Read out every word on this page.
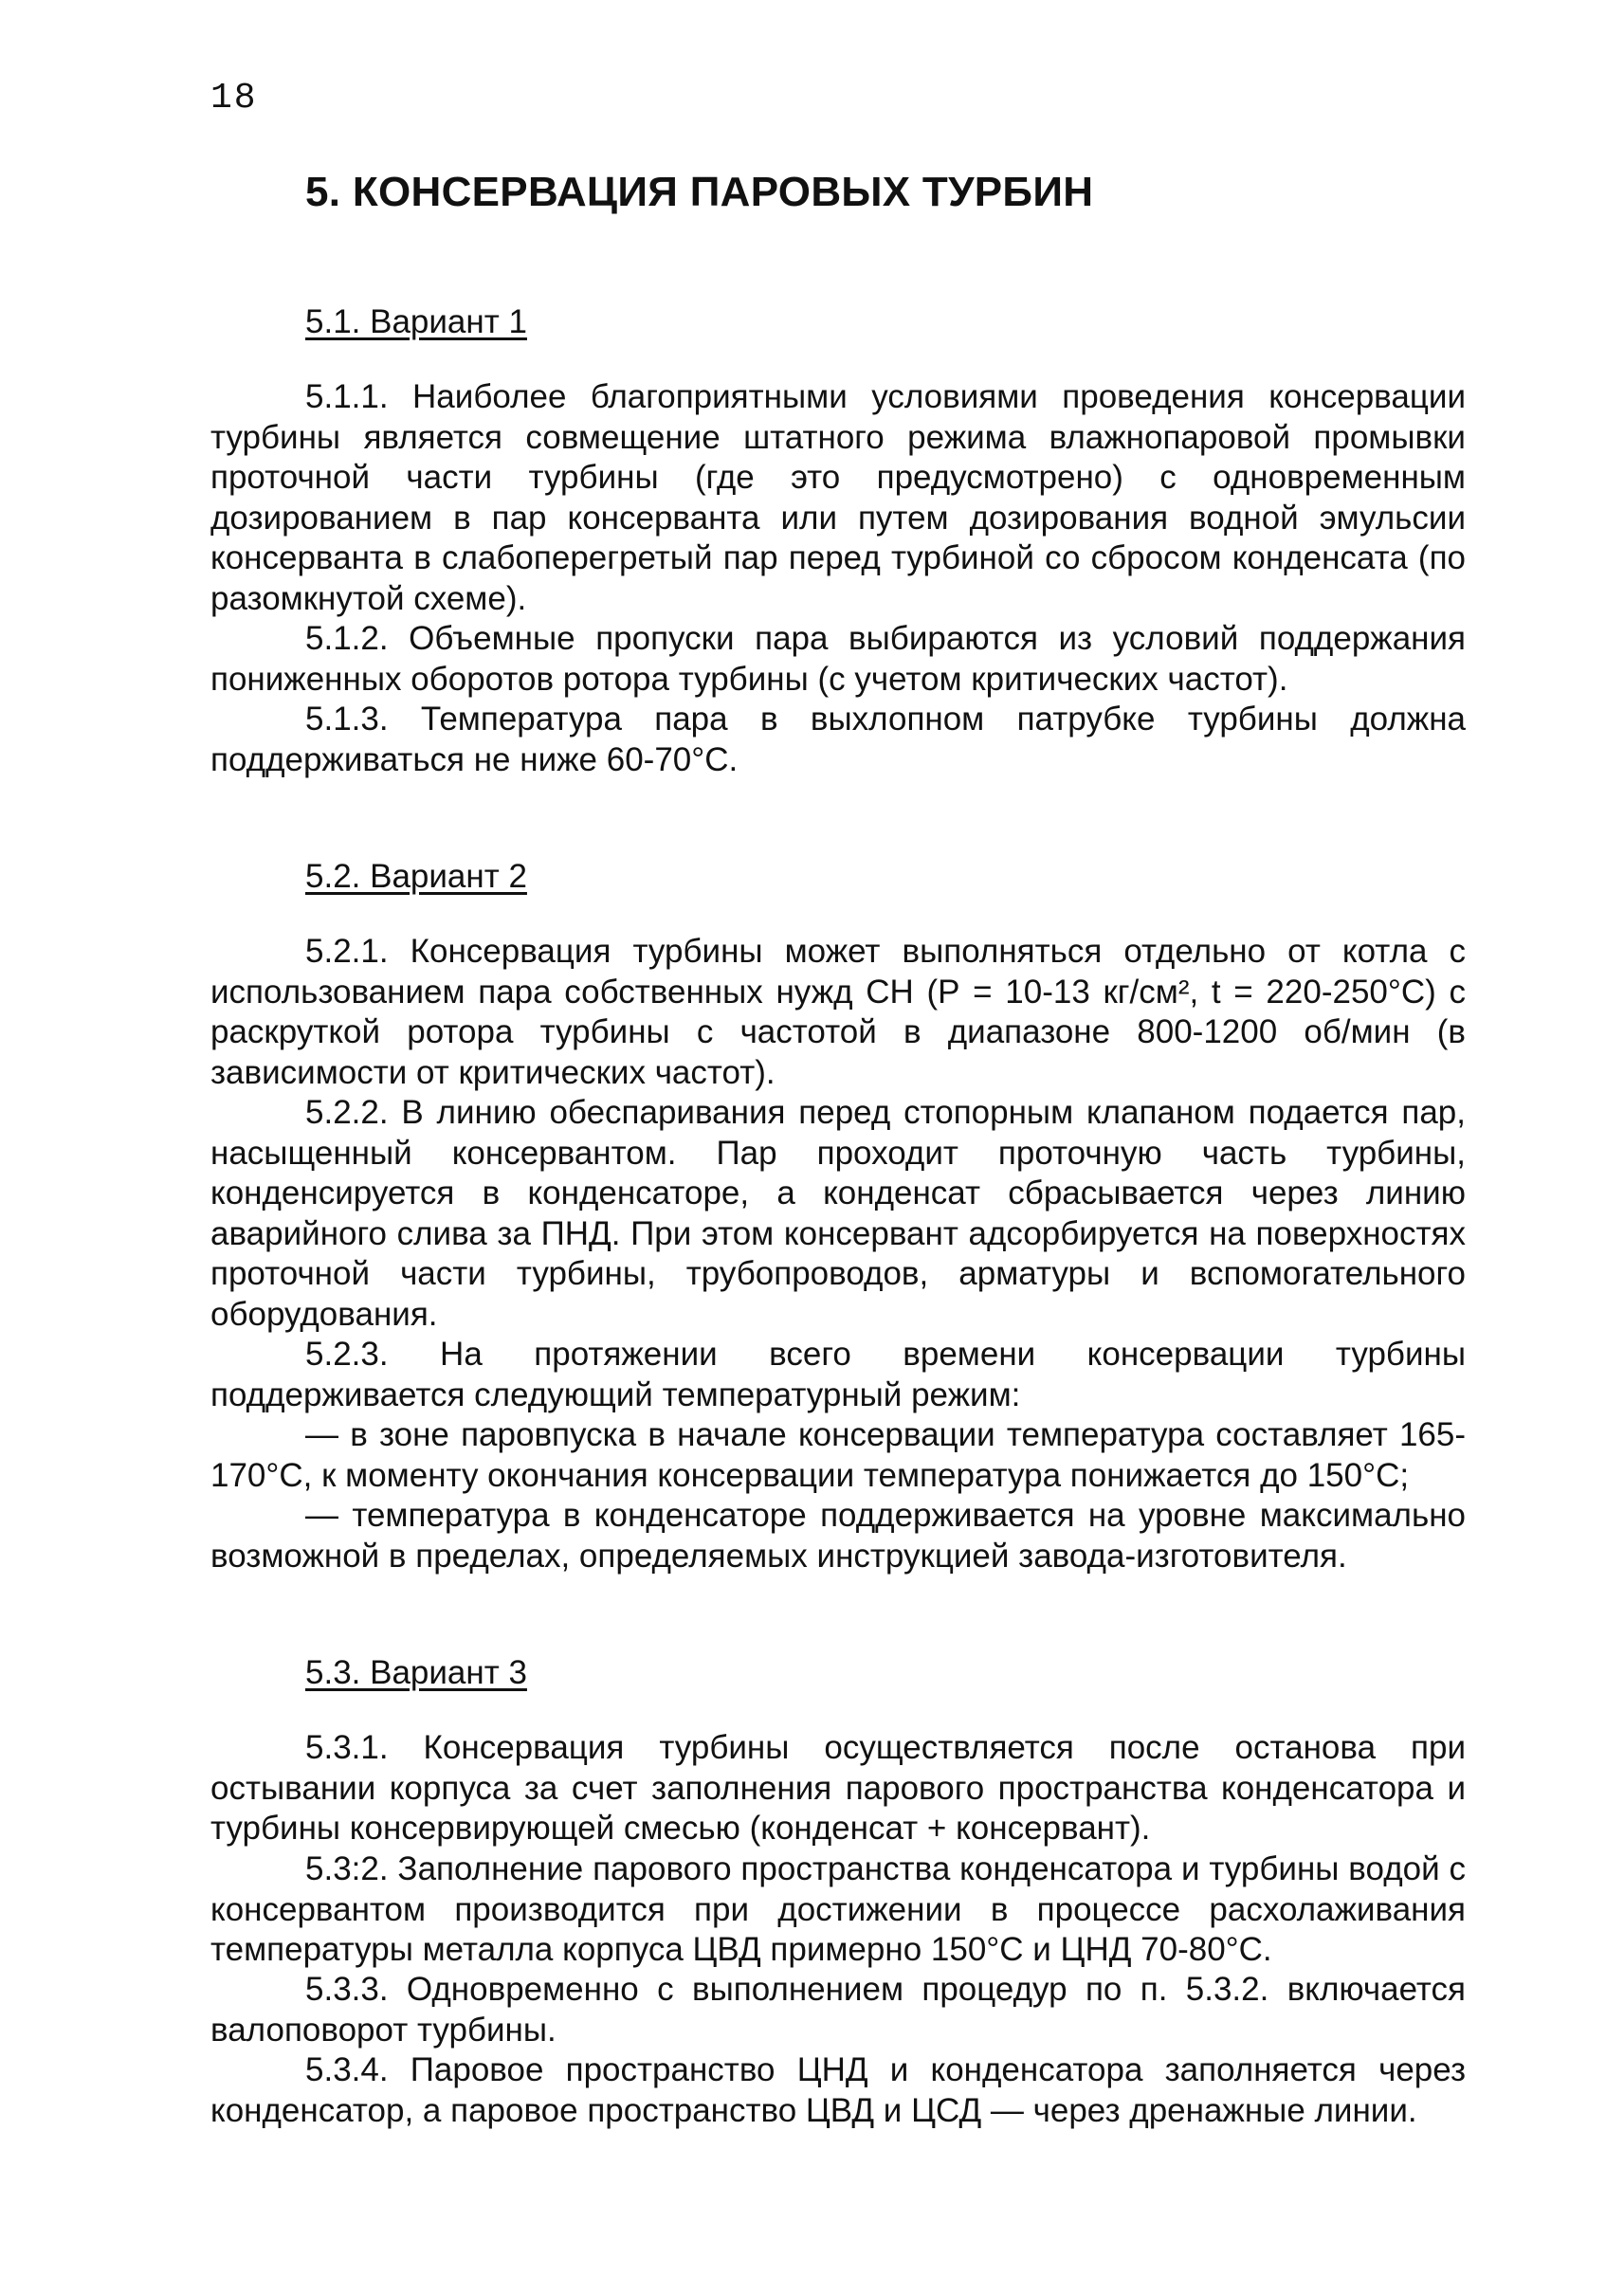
18
5. КОНСЕРВАЦИЯ ПАРОВЫХ ТУРБИН
5.1. Вариант 1

5.1.1. Наиболее благоприятными условиями проведения консервации турбины является совмещение штатного режима влажнопаровой промывки проточной части турбины (где это предусмотрено) с одновременным дозированием в пар консерванта или путем дозирования водной эмульсии консерванта в слабоперегретый пар перед турбиной со сбросом конденсата (по разомкнутой схеме).

5.1.2. Объемные пропуски пара выбираются из условий поддержания пониженных оборотов ротора турбины (с учетом критических частот).

5.1.3. Температура пара в выхлопном патрубке турбины должна поддерживаться не ниже 60-70°С.

5.2. Вариант 2

5.2.1. Консервация турбины может выполняться отдельно от котла с использованием пара собственных нужд СН (Р = 10-13 кг/см², t = 220-250°С) с раскруткой ротора турбины с частотой в диапазоне 800-1200 об/мин (в зависимости от критических частот).

5.2.2. В линию обеспаривания перед стопорным клапаном подается пар, насыщенный консервантом. Пар проходит проточную часть турбины, конденсируется в конденсаторе, а конденсат сбрасывается через линию аварийного слива за ПНД. При этом консервант адсорбируется на поверхностях проточной части турбины, трубопроводов, арматуры и вспомогательного оборудования.

5.2.3. На протяжении всего времени консервации турбины поддерживается следующий температурный режим:

— в зоне паровпуска в начале консервации температура составляет 165-170°С, к моменту окончания консервации температура понижается до 150°С;

— температура в конденсаторе поддерживается на уровне максимально возможной в пределах, определяемых инструкцией завода-изготовителя.

5.3. Вариант 3

5.3.1. Консервация турбины осуществляется после останова при остывании корпуса за счет заполнения парового пространства конденсатора и турбины консервирующей смесью (конденсат + консервант).

5.3:2. Заполнение парового пространства конденсатора и турбины водой с консервантом производится при достижении в процессе расхолаживания температуры металла корпуса ЦВД примерно 150°С и ЦНД 70-80°С.

5.3.3. Одновременно с выполнением процедур по п. 5.3.2. включается валоповорот турбины.

5.3.4. Паровое пространство ЦНД и конденсатора заполняется через конденсатор, а паровое пространство ЦВД и ЦСД — через дренажные линии.
